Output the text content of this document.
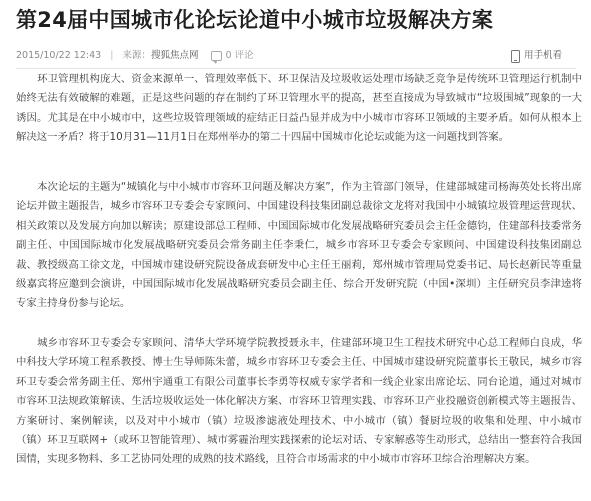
第24届中国城市化论坛论道中小城市垃圾解决方案
2015/10/22 12:43 | 来源：搜狐焦点网	0 评论	用手机看

环卫管理机构庞大、资金来源单一、管理效率低下、环卫保洁及垃圾收运处理市场缺乏竞争是传统环卫管理运行机制中始终无法有效破解的难题，正是这些问题的存在制约了环卫管理水平的提高，甚至直接成为导致城市“垃圾围城”现象的一大诱因。尤其是在中小城市中，这些垃圾管理领域的症结正日益凸显并成为中小城市市容环卫领域的主要矛盾。如何从根本上解决这一矛盾？将于10月31—11月1日在郑州举办的第二十四届中国城市化论坛或能为这一问题找到答案。

本次论坛的主题为“城镇化与中小城市市容环卫问题及解决方案”，作为主管部门领导，住建部城建司杨海英处长将出席论坛并做主题报告，城乡市容环卫专委会专家顾问、中国建设科技集团副总裁徐文龙将对我国中小城镇垃圾管理运营现状、相关政策以及发展方向加以解读；原建设部总工程师、中国国际城市化发展战略研究委员会主任金德钧，住建部科技委常务副主任、中国国际城市化发展战略研究委员会常务副主任李秉仁，城乡市容环卫专委会专家顾问、中国建设科技集团副总裁、教授级高工徐文龙，中国城市建设研究院设备成套研发中心主任王丽莉，郑州城市管理局党委书记、局长赵新民等重量级嘉宾将应邀到会演讲，中国国际城市化发展战略研究委员会副主任、综合开发研究院（中国•深圳）主任研究员李津逵将专家主持身份参与论坛。

城乡市容环卫专委会专家顾问、清华大学环境学院教授聂永丰，住建部环境卫生工程技术研究中心总工程师白良成，华中科技大学环境工程系教授、博士生导师陈朱蕾，城乡市容环卫专委会主任、中国城市建设研究院董事长王敬民，城乡市容环卫专委会常务副主任、郑州宇通重工有限公司董事长李勇等权威专家学者和一线企业家出席论坛、同台论道，通过对城市市容环卫法规政策解读、生活垃圾收运处一体化解决方案、市容环卫管理实践、市容环卫产业投融资创新模式等主题报告、方案研讨、案例解读，以及对中小城市（镇）垃圾渗滤液处理技术、中小城市（镇）餐厨垃圾的收集和处理、中小城市（镇）环卫互联网+（或环卫智能管理）、城市雾霾治理实践探索的论坛对话、专家解惑等生动形式，总结出一整套符合我国国情，实现多物料、多工艺协同处理的成熟的技术路线，且符合市场需求的中小城市市容环卫综合治理解决方案。
